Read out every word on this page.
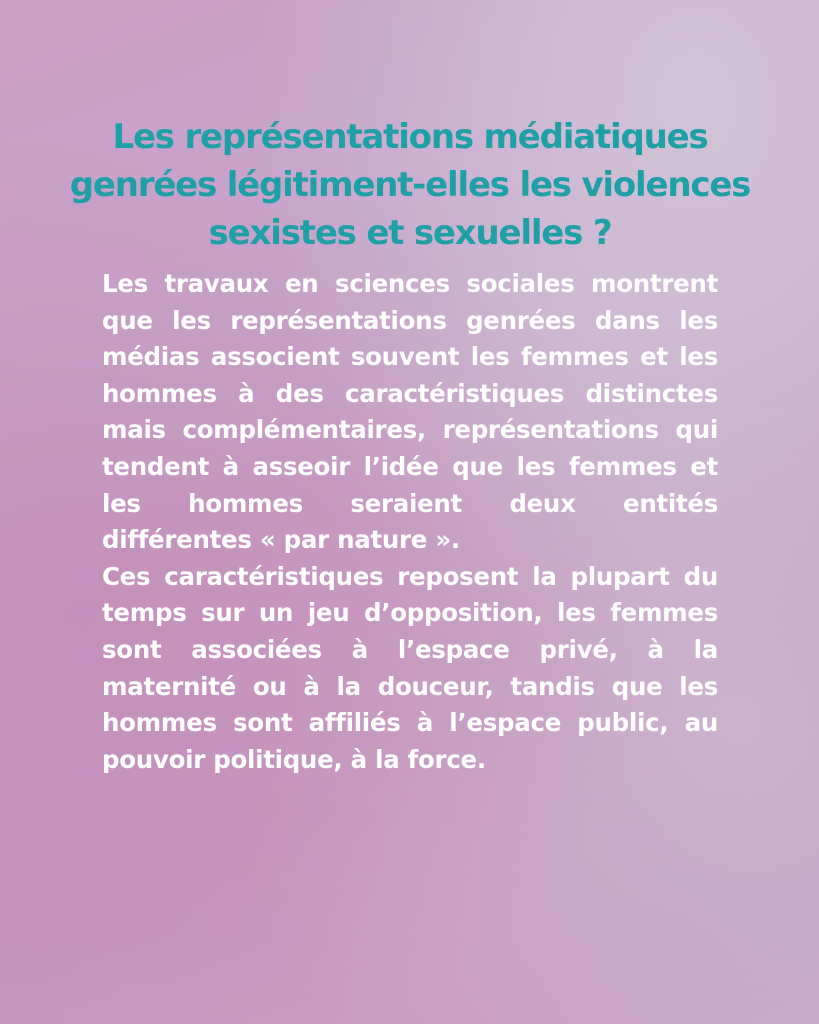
Les représentations médiatiques genrées légitiment-elles les violences sexistes et sexuelles ?

Les travaux en sciences sociales montrent que les représentations genrées dans les médias associent souvent les femmes et les hommes à des caractéristiques distinctes mais complémentaires, représentations qui tendent à asseoir l’idée que les femmes et les hommes seraient deux entités différentes « par nature ».

Ces caractéristiques reposent la plupart du temps sur un jeu d’opposition, les femmes sont associées à l’espace privé, à la maternité ou à la douceur, tandis que les hommes sont affiliés à l’espace public, au pouvoir politique, à la force.
